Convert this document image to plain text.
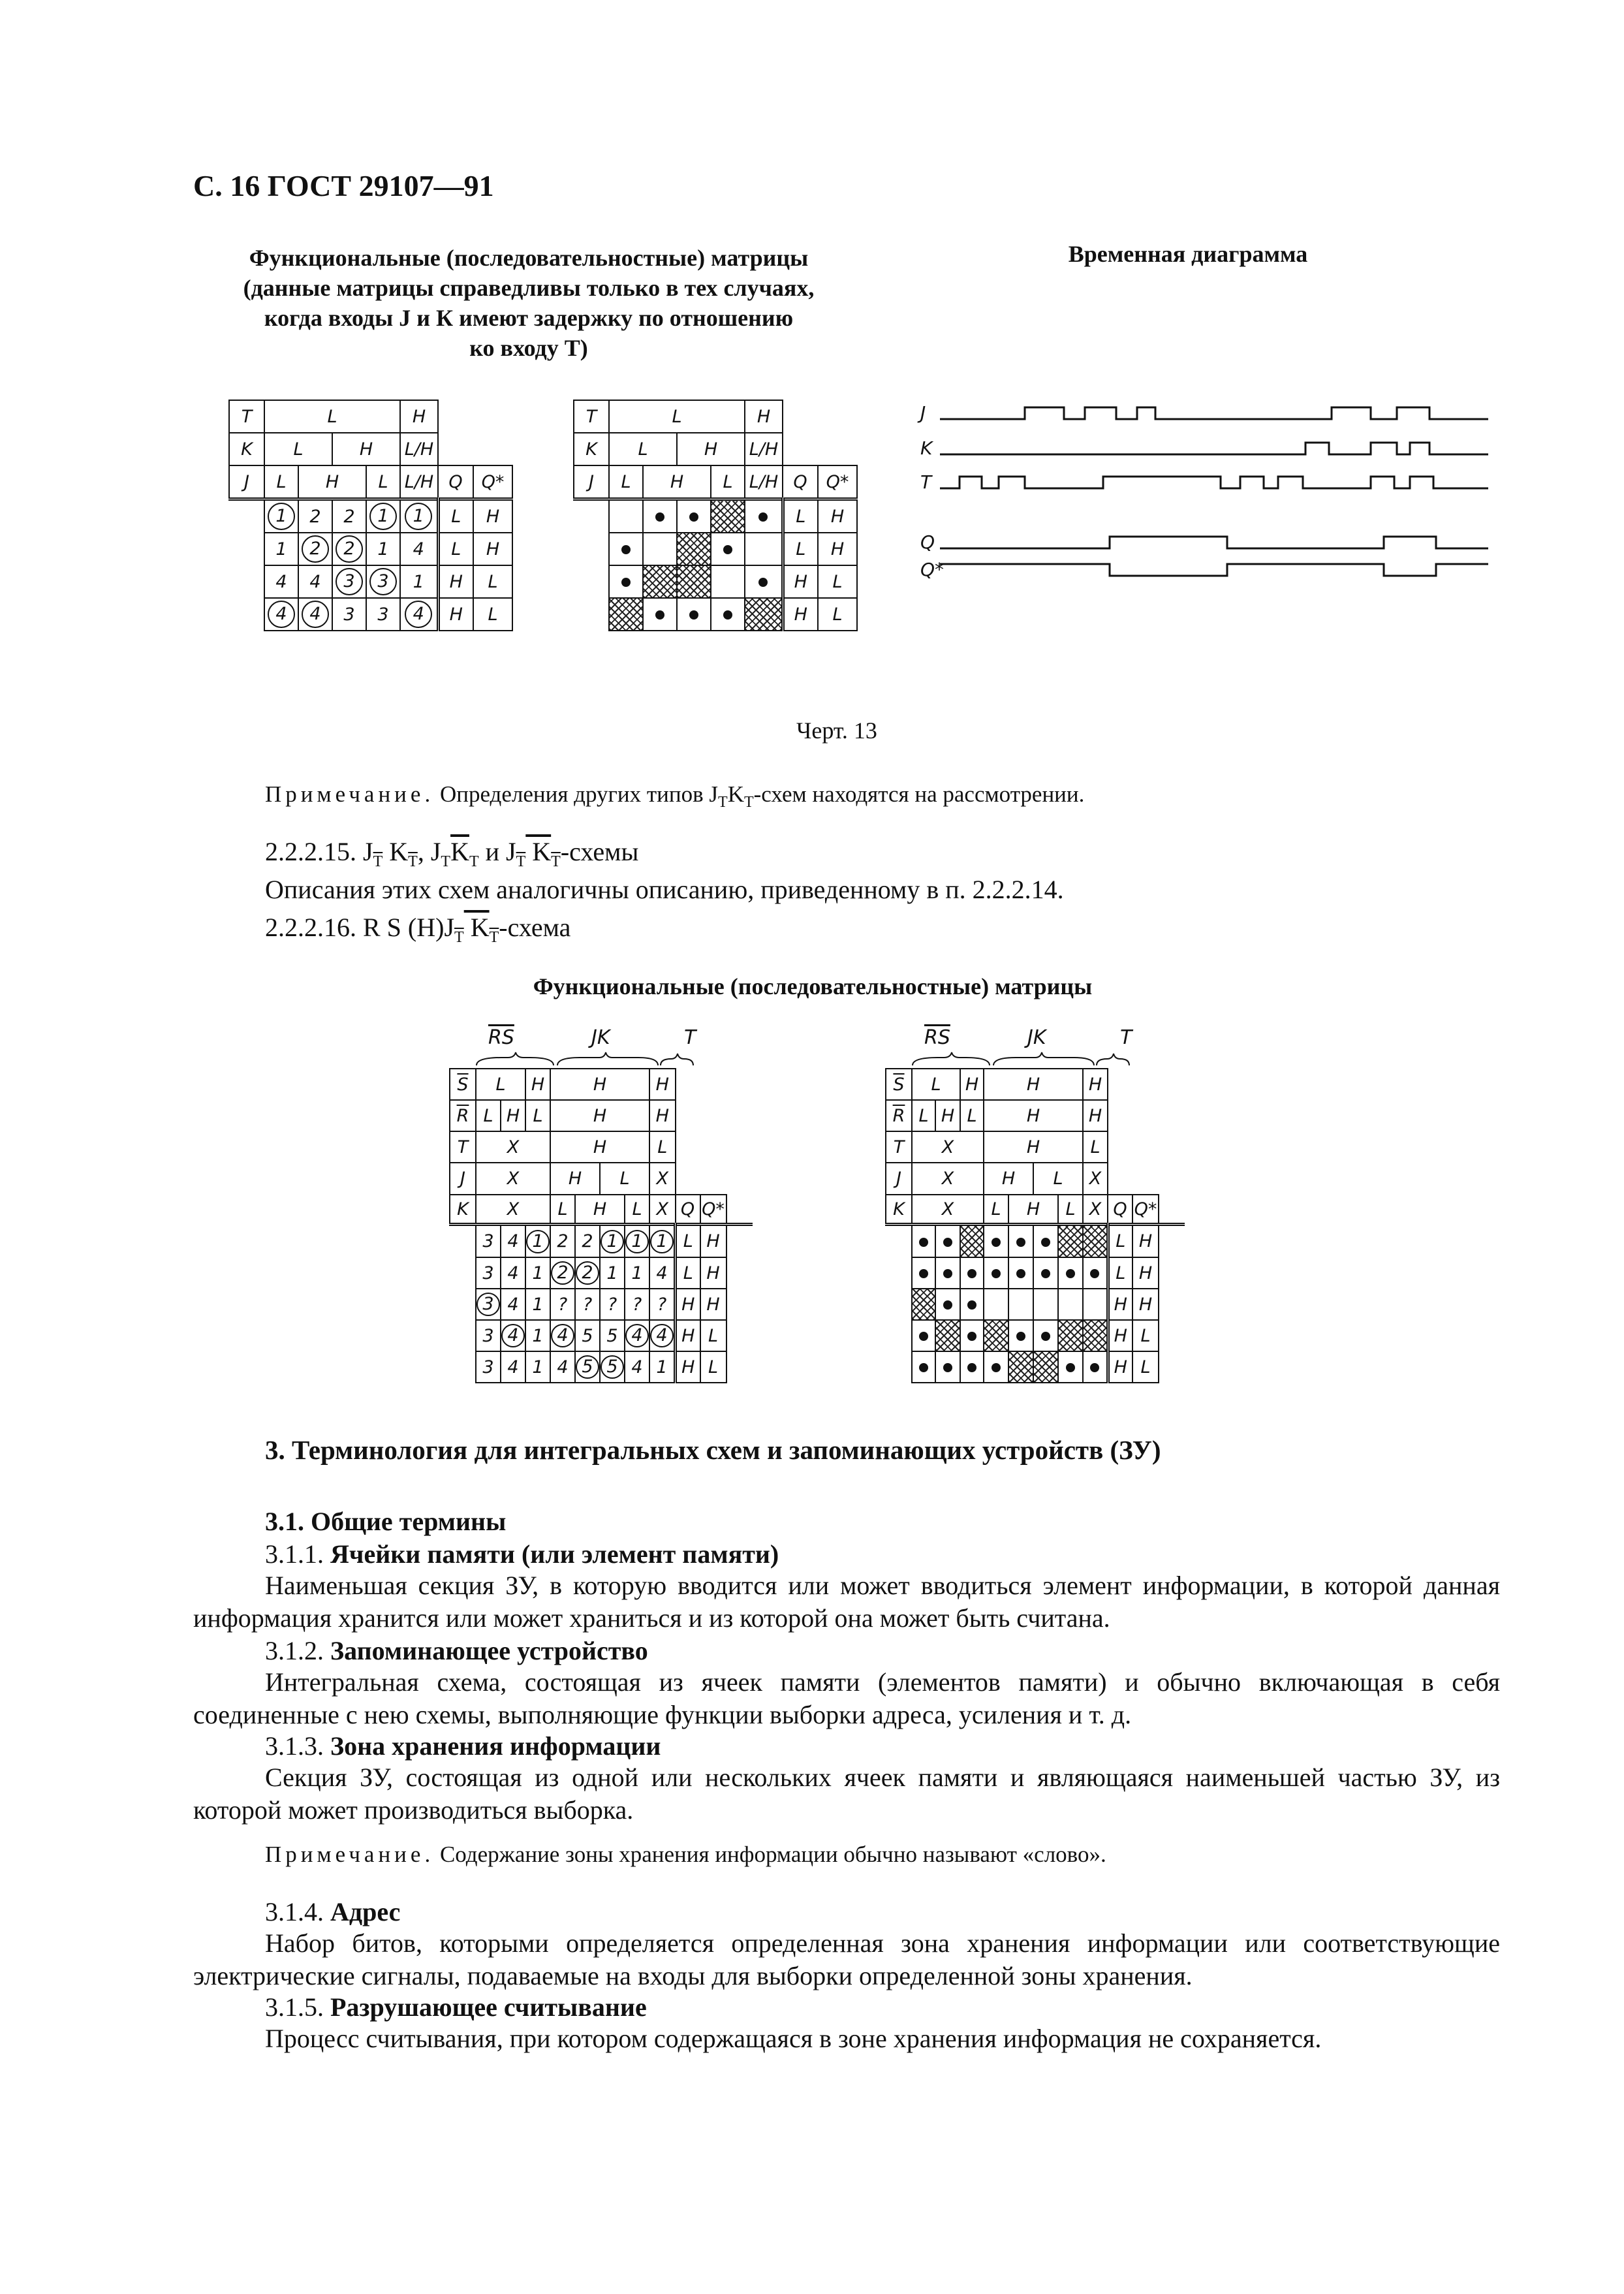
С. 16 ГОСТ 29107—91
Функциональные (последовательностные) матрицы
(данные матрицы справедливы только в тех случаях,
когда входы J и К имеют задержку по отношению
ко входу Т)
Временная диаграмма
T	L				H		
K	L		H		L/H		
J	L	H		L	L/H	Q	Q*
	1	2	2	1	1	L	H
	1	2	2	1	4	L	H
	4	4	3	3	1	H	L
	4	4	3	3	4	H	L
T	L				H		
K	L		H		L/H		
J	L	H		L	L/H	Q	Q*
						L	H
						L	H
						H	L
						H	L
J
K
T
Q
Q*
Черт. 13
Примечание. Определения других типов $J_TK_T$-схем находятся на рассмотрении.
2.2.2.15. $J_{\overline{T}}$ $K_{\overline{T}}$, $J_T\overline{K}_T$ и $J_{\overline{T}}$ $K_{\overline{T}}$-схемы
Описания этих схем аналогичны описанию, приведенному в п. 2.2.2.14.
2.2.2.16. R S $(H)J_{\overline{T}}$ $K_{\overline{T}}$-схема
Функциональные (последовательностные) матрицы
$\overline{RS}$	JK	T
$\overline{S}$	L		H	H				H		
$\overline{R}$	L	H	L	H				H		
T	X			H				L		
J	X			H		L		X		
K	X			L	H		L	X	Q	Q*
	3	4	1	2	2	1	1	1	L	H
	3	4	1	2	2	1	1	4	L	H
	3	4	1	?	?	?	?	?	H	H
	3	4	1	4	5	5	4	4	H	L
	3	4	1	4	5	5	4	1	H	L
$\overline{RS}$	JK	T
$\overline{S}$	L		H	H				H		
$\overline{R}$	L	H	L	H				H		
T	X			H				L		
J	X			H		L		X		
K	X			L	H		L	X	Q	Q*
									L	H
									L	H
									H	H
									H	L
									H	L
3. Терминология для интегральных схем и запоминающих устройств (ЗУ)
3.1. Общие термины
3.1.1. Ячейки памяти (или элемент памяти)
Наименьшая секция ЗУ, в которую вводится или может вводиться элемент информации, в которой данная информация хранится или может храниться и из которой она может быть считана.
3.1.2. Запоминающее устройство
Интегральная схема, состоящая из ячеек памяти (элементов памяти) и обычно включающая в себя соединенные с нею схемы, выполняющие функции выборки адреса, усиления и т. д.
3.1.3. Зона хранения информации
Секция ЗУ, состоящая из одной или нескольких ячеек памяти и являющаяся наименьшей частью ЗУ, из которой может производиться выборка.
Примечание. Содержание зоны хранения информации обычно называют «слово».
3.1.4. Адрес
Набор битов, которыми определяется определенная зона хранения информации или соответствующие электрические сигналы, подаваемые на входы для выборки определенной зоны хранения.
3.1.5. Разрушающее считывание
Процесс считывания, при котором содержащаяся в зоне хранения информация не сохраняется.
